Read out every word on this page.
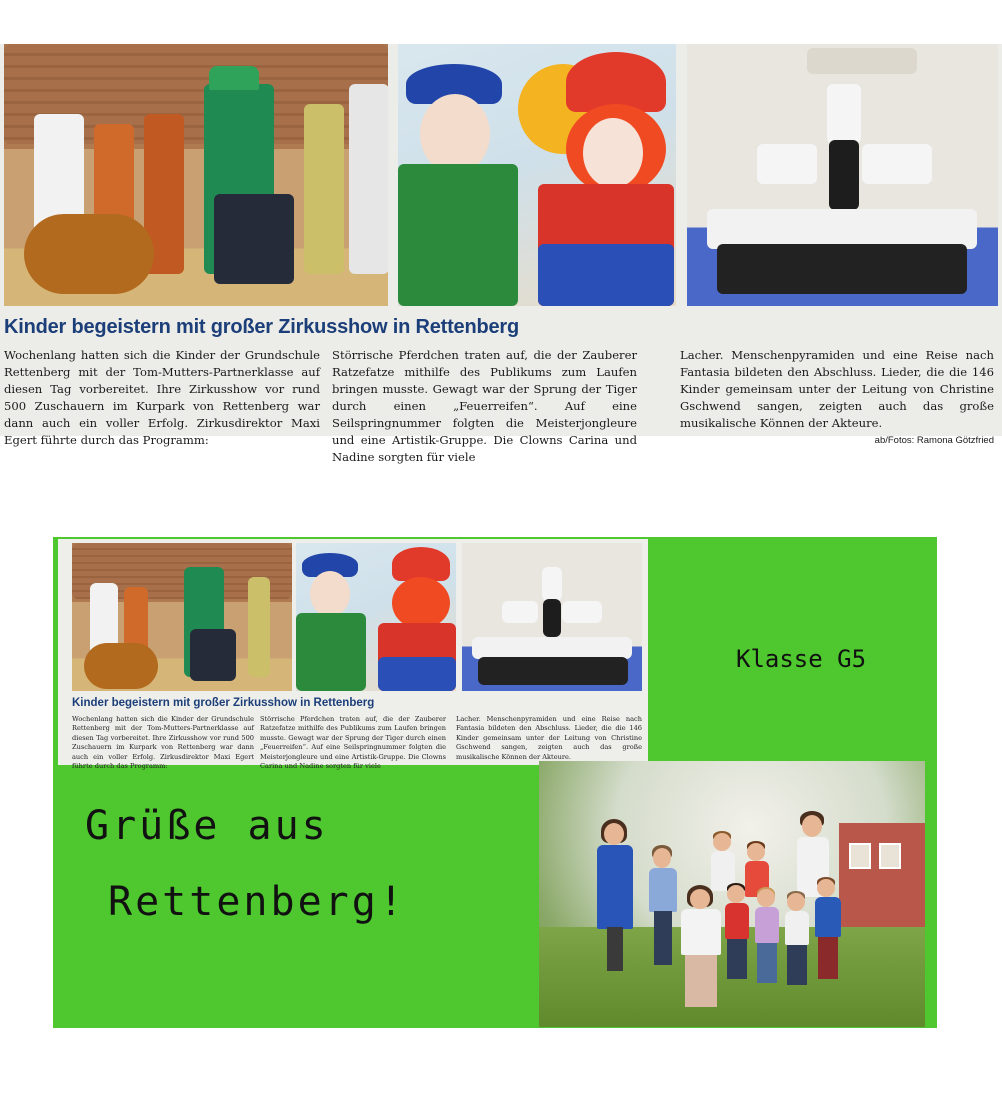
Kinder begeistern mit großer Zirkusshow in Rettenberg
Wochenlang hatten sich die Kinder der Grundschule Rettenberg mit der Tom-Mutters-Partnerklasse auf diesen Tag vorbereitet. Ihre Zirkusshow vor rund 500 Zuschauern im Kurpark von Rettenberg war dann auch ein voller Erfolg. Zirkusdirektor Maxi Egert führte durch das Programm:
Störrische Pferdchen traten auf, die der Zauberer Ratzefatze mithilfe des Publikums zum Laufen bringen musste. Gewagt war der Sprung der Tiger durch einen „Feuerreifen“. Auf eine Seilspringnummer folgten die Meisterjongleure und eine Artistik-Gruppe. Die Clowns Carina und Nadine sorgten für viele
Lacher. Menschenpyramiden und eine Reise nach Fantasia bildeten den Abschluss. Lieder, die die 146 Kinder gemeinsam unter der Leitung von Christine Gschwend sangen, zeigten auch das große musikalische Können der Akteure.
ab/Fotos: Ramona Götzfried
Kinder begeistern mit großer Zirkusshow in Rettenberg
Wochenlang hatten sich die Kinder der Grundschule Rettenberg mit der Tom-Mutters-Partnerklasse auf diesen Tag vorbereitet. Ihre Zirkusshow vor rund 500 Zuschauern im Kurpark von Rettenberg war dann auch ein voller Erfolg. Zirkusdirektor Maxi Egert führte durch das Programm:
Störrische Pferdchen traten auf, die der Zauberer Ratzefatze mithilfe des Publikums zum Laufen bringen musste. Gewagt war der Sprung der Tiger durch einen „Feuerreifen“. Auf eine Seilspringnummer folgten die Meisterjongleure und eine Artistik-Gruppe. Die Clowns Carina und Nadine sorgten für viele
Lacher. Menschenpyramiden und eine Reise nach Fantasia bildeten den Abschluss. Lieder, die die 146 Kinder gemeinsam unter der Leitung von Christine Gschwend sangen, zeigten auch das große musikalische Können der Akteure.
Klasse G5
Grüße aus
Rettenberg!
